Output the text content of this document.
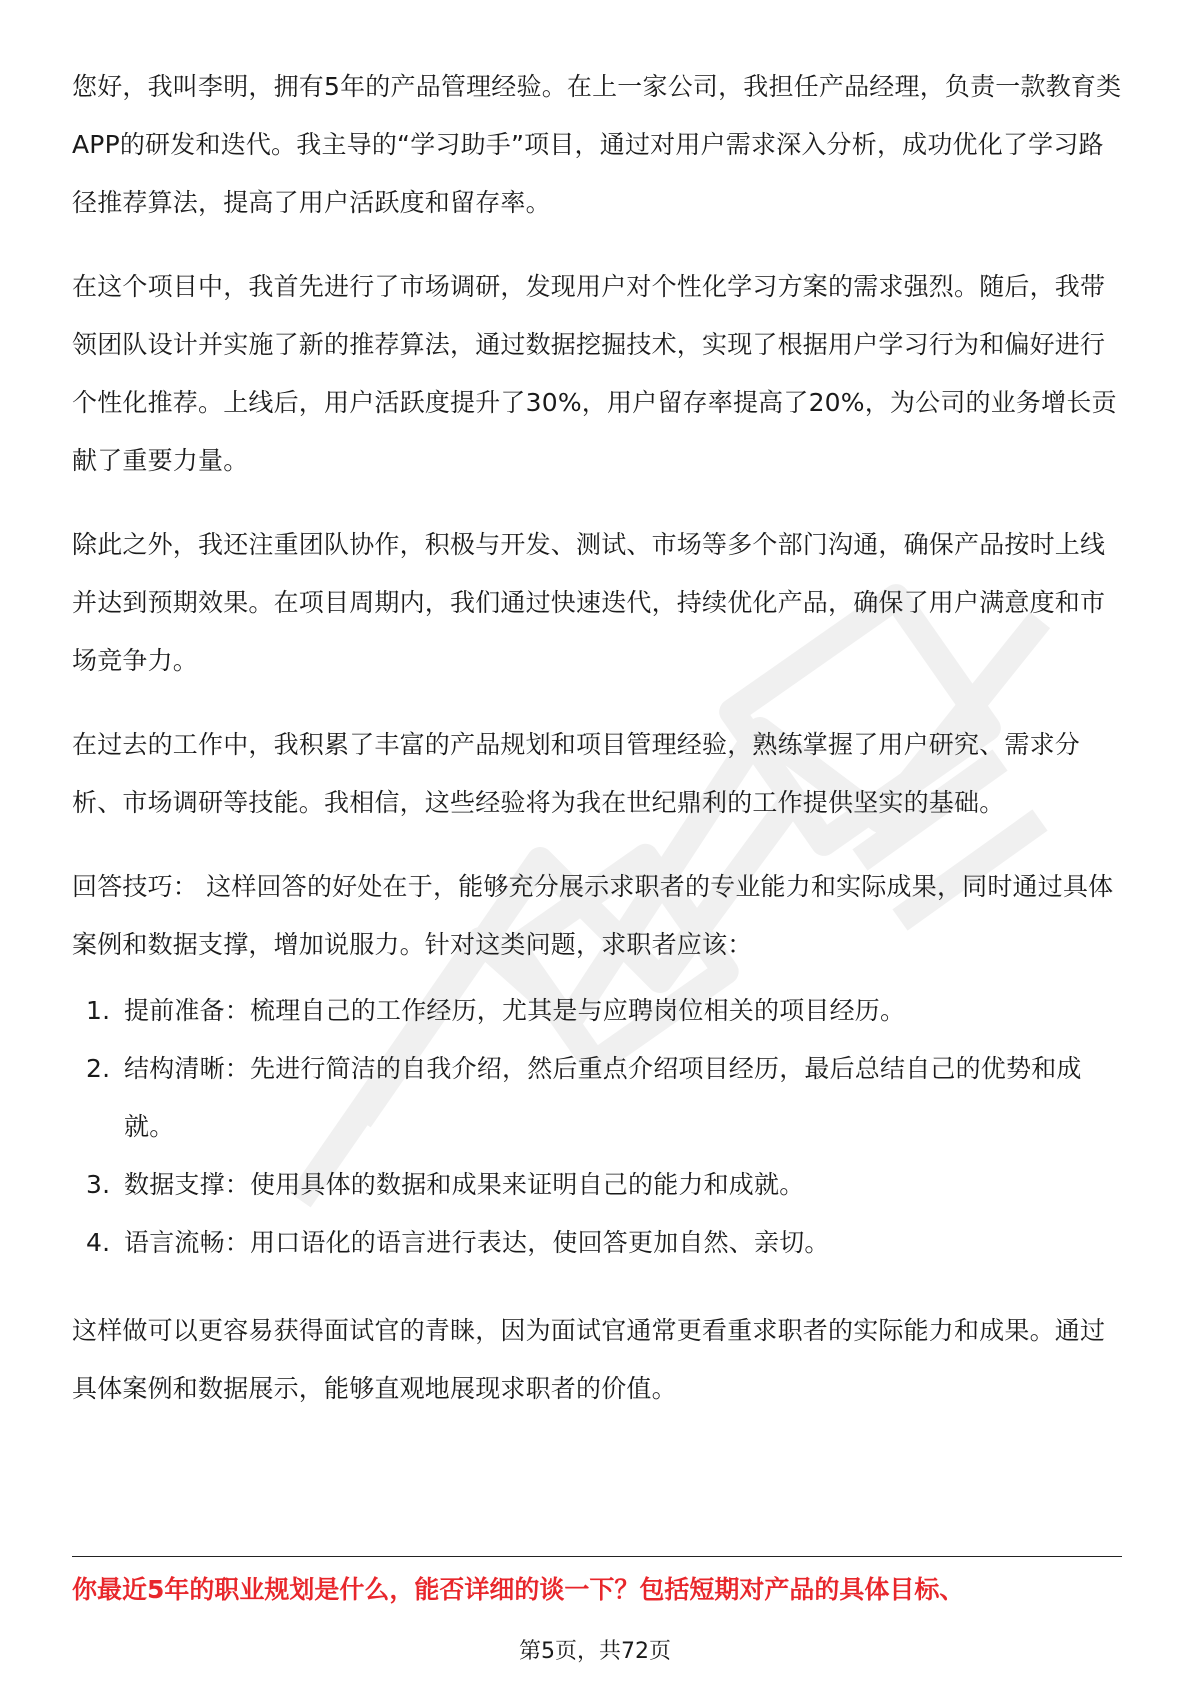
您好，我叫李明，拥有5年的产品管理经验。在上一家公司，我担任产品经理，负责一款教育类APP的研发和迭代。我主导的“学习助手”项目，通过对用户需求深入分析，成功优化了学习路径推荐算法，提高了用户活跃度和留存率。

在这个项目中，我首先进行了市场调研，发现用户对个性化学习方案的需求强烈。随后，我带领团队设计并实施了新的推荐算法，通过数据挖掘技术，实现了根据用户学习行为和偏好进行个性化推荐。上线后，用户活跃度提升了30%，用户留存率提高了20%，为公司的业务增长贡献了重要力量。

除此之外，我还注重团队协作，积极与开发、测试、市场等多个部门沟通，确保产品按时上线并达到预期效果。在项目周期内，我们通过快速迭代，持续优化产品，确保了用户满意度和市场竞争力。

在过去的工作中，我积累了丰富的产品规划和项目管理经验，熟练掌握了用户研究、需求分析、市场调研等技能。我相信，这些经验将为我在世纪鼎利的工作提供坚实的基础。

回答技巧： 这样回答的好处在于，能够充分展示求职者的专业能力和实际成果，同时通过具体案例和数据支撑，增加说服力。针对这类问题，求职者应该：

1. 提前准备：梳理自己的工作经历，尤其是与应聘岗位相关的项目经历。
2. 结构清晰：先进行简洁的自我介绍，然后重点介绍项目经历，最后总结自己的优势和成就。
3. 数据支撑：使用具体的数据和成果来证明自己的能力和成就。
4. 语言流畅：用口语化的语言进行表达，使回答更加自然、亲切。

这样做可以更容易获得面试官的青睐，因为面试官通常更看重求职者的实际能力和成果。通过具体案例和数据展示，能够直观地展现求职者的价值。

你最近5年的职业规划是什么，能否详细的谈一下？包括短期对产品的具体目标、
第5页，共72页
